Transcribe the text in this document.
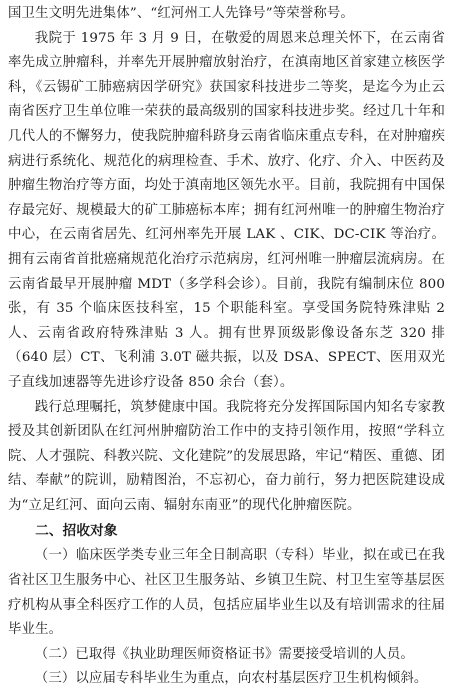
国卫生文明先进集体”、“红河州工人先锋号”等荣誉称号。

我院于 1975 年 3 月 9 日，在敬爱的周恩来总理关怀下，在云南省率先成立肿瘤科，并率先开展肿瘤放射治疗，在滇南地区首家建立核医学科，《云锡矿工肺癌病因学研究》获国家科技进步二等奖，是迄今为止云南省医疗卫生单位唯一荣获的最高级别的国家科技进步奖。经过几十年和几代人的不懈努力，使我院肿瘤科跻身云南省临床重点专科，在对肿瘤疾病进行系统化、规范化的病理检查、手术、放疗、化疗、介入、中医药及肿瘤生物治疗等方面，均处于滇南地区领先水平。目前，我院拥有中国保存最完好、规模最大的矿工肺癌标本库；拥有红河州唯一的肿瘤生物治疗中心，在云南省居先、红河州率先开展 LAK 、CIK、DC-CIK 等治疗。拥有云南省首批癌痛规范化治疗示范病房，红河州唯一肿瘤层流病房。在云南省最早开展肿瘤 MDT（多学科会诊）。目前，我院有编制床位 800 张，有 35 个临床医技科室，15 个职能科室。享受国务院特殊津贴 2 人、云南省政府特殊津贴 3 人。拥有世界顶级影像设备东芝 320 排（640 层）CT、飞利浦 3.0T 磁共振，以及 DSA、SPECT、医用双光子直线加速器等先进诊疗设备 850 余台（套）。

践行总理嘱托，筑梦健康中国。我院将充分发挥国际国内知名专家教授及其创新团队在红河州肿瘤防治工作中的支持引领作用，按照“学科立院、人才强院、科教兴院、文化建院”的发展思路，牢记“精医、重德、团结、奉献”的院训，励精图治，不忘初心，奋力前行，努力把医院建设成为“立足红河、面向云南、辐射东南亚”的现代化肿瘤医院。

二、招收对象

（一）临床医学类专业三年全日制高职（专科）毕业，拟在或已在我省社区卫生服务中心、社区卫生服务站、乡镇卫生院、村卫生室等基层医疗机构从事全科医疗工作的人员，包括应届毕业生以及有培训需求的往届毕业生。

（二）已取得《执业助理医师资格证书》需要接受培训的人员。

（三）以应届专科毕业生为重点，向农村基层医疗卫生机构倾斜。
